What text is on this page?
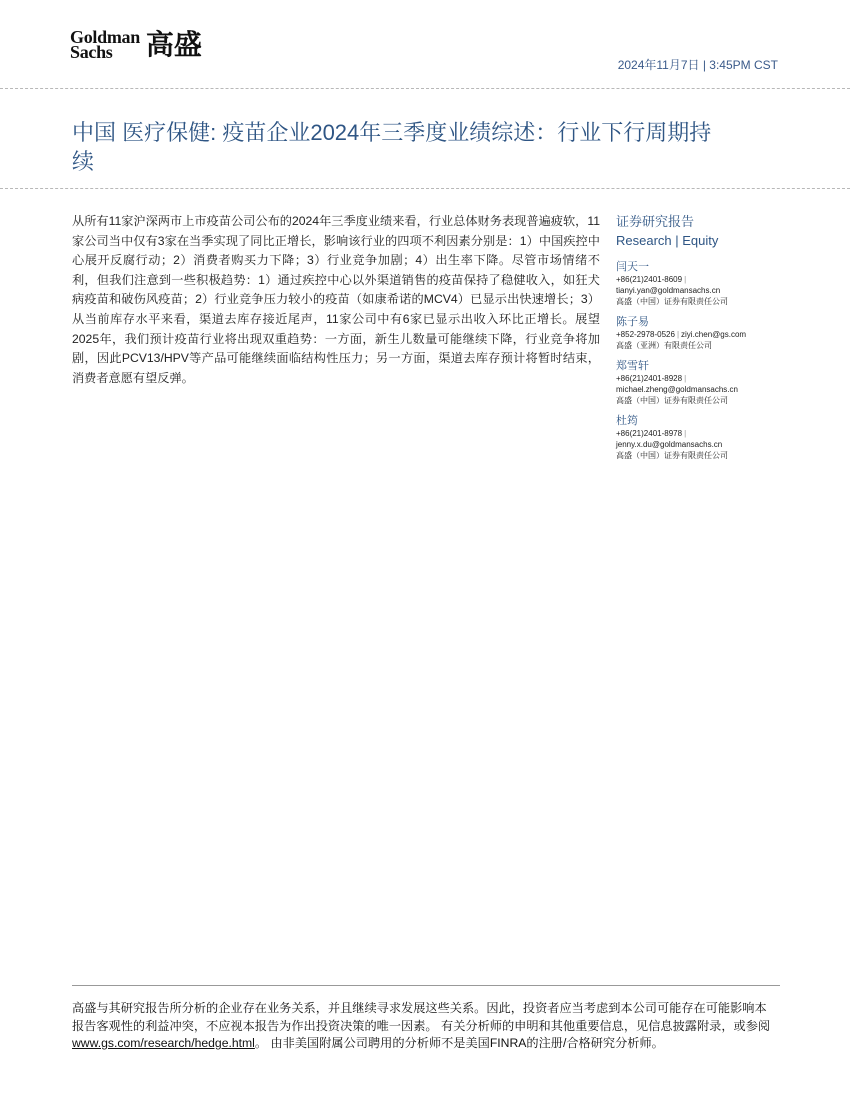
Goldman
Sachs	高盛
2024年11月7日 | 3:45PM CST
中国 医疗保健: 疫苗企业2024年三季度业绩综述：行业下行周期持续

从所有11家沪深两市上市疫苗公司公布的2024年三季度业绩来看，行业总体财务表现普遍疲软，11家公司当中仅有3家在当季实现了同比正增长，影响该行业的四项不利因素分别是：1）中国疾控中心展开反腐行动；2）消费者购买力下降；3）行业竞争加剧；4）出生率下降。尽管市场情绪不利，但我们注意到一些积极趋势：1）通过疾控中心以外渠道销售的疫苗保持了稳健收入，如狂犬病疫苗和破伤风疫苗；2）行业竞争压力较小的疫苗（如康希诺的MCV4）已显示出快速增长；3）从当前库存水平来看，渠道去库存接近尾声，11家公司中有6家已显示出收入环比正增长。展望2025年，我们预计疫苗行业将出现双重趋势：一方面，新生儿数量可能继续下降，行业竞争将加剧，因此PCV13/HPV等产品可能继续面临结构性压力；另一方面，渠道去库存预计将暂时结束，消费者意愿有望反弹。

证券研究报告
Research | Equity
闫天一
+86(21)2401-8609 |
tianyi.yan@goldmansachs.cn
高盛（中国）证券有限责任公司
陈子易
+852-2978-0526 | ziyi.chen@gs.com
高盛（亚洲）有限责任公司
郑雪轩
+86(21)2401-8928 |
michael.zheng@goldmansachs.cn
高盛（中国）证券有限责任公司
杜筠
+86(21)2401-8978 |
jenny.x.du@goldmansachs.cn
高盛（中国）证券有限责任公司

高盛与其研究报告所分析的企业存在业务关系，并且继续寻求发展这些关系。因此，投资者应当考虑到本公司可能存在可能影响本报告客观性的利益冲突，不应视本报告为作出投资决策的唯一因素。 有关分析师的申明和其他重要信息，见信息披露附录，或参阅www.gs.com/research/hedge.html。 由非美国附属公司聘用的分析师不是美国FINRA的注册/合格研究分析师。
